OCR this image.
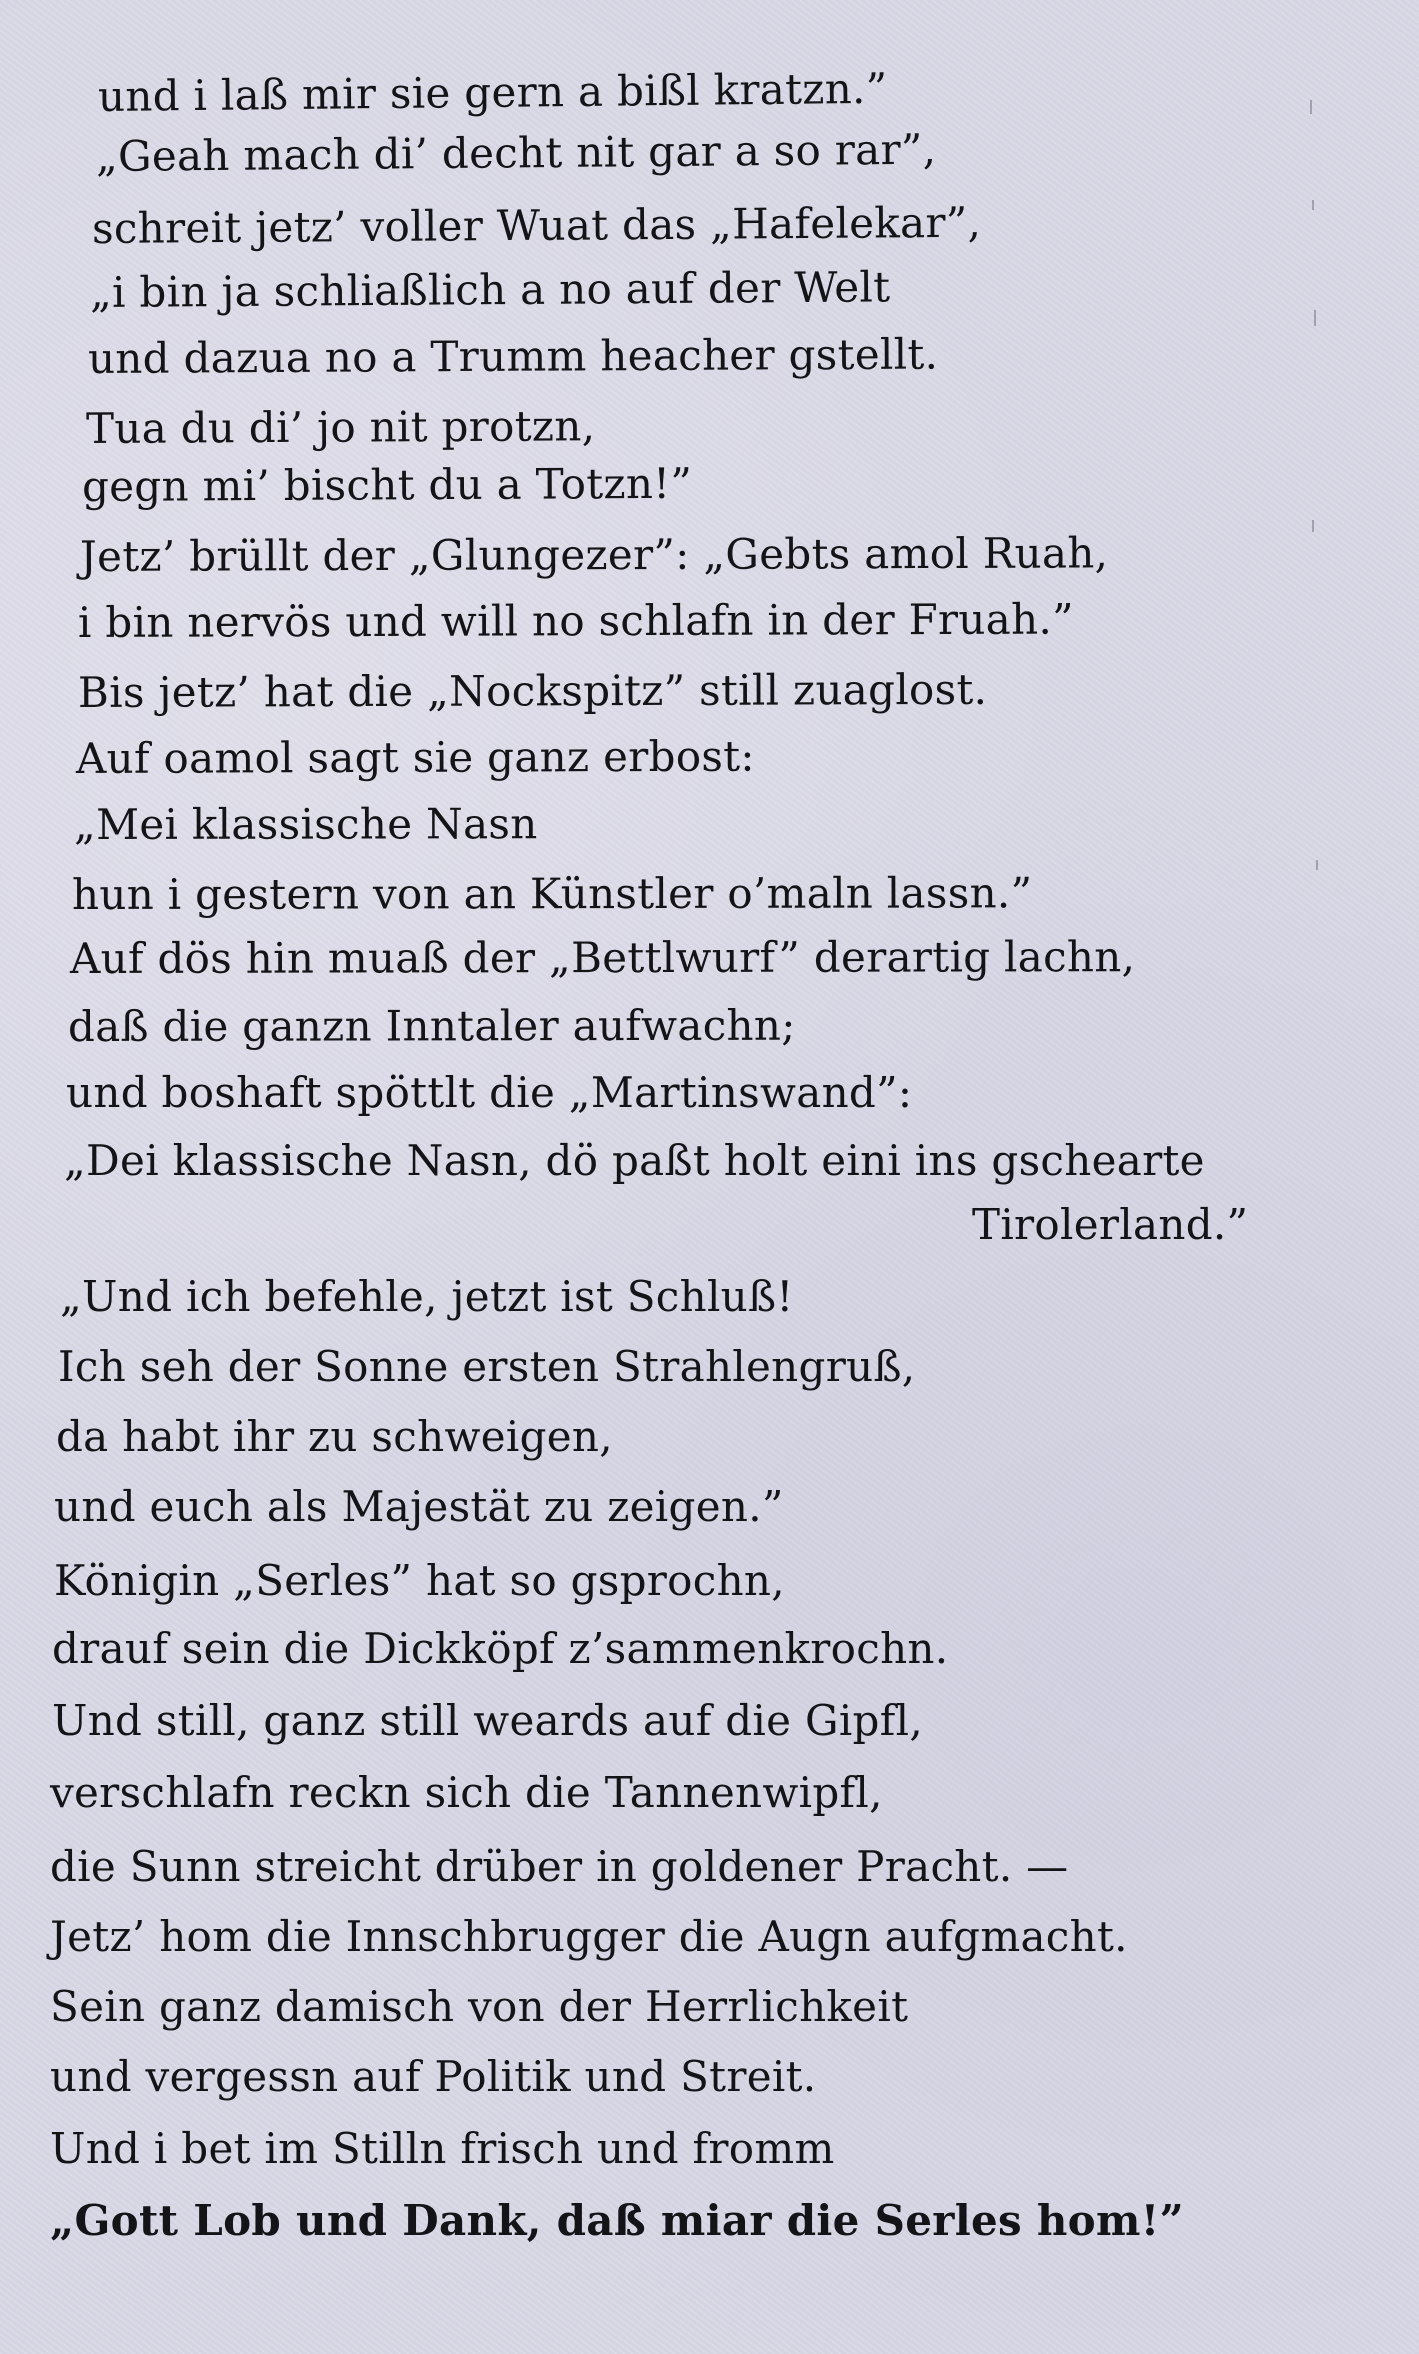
und i laß mir sie gern a bißl kratzn.”
„Geah mach di’ decht nit gar a so rar”,
schreit jetz’ voller Wuat das „Hafelekar”,
„i bin ja schliaßlich a no auf der Welt
und dazua no a Trumm heacher gstellt.
Tua du di’ jo nit protzn,
gegn mi’ bischt du a Totzn!”
Jetz’ brüllt der „Glungezer”: „Gebts amol Ruah,
i bin nervös und will no schlafn in der Fruah.”
Bis jetz’ hat die „Nockspitz” still zuaglost.
Auf oamol sagt sie ganz erbost:
„Mei klassische Nasn
hun i gestern von an Künstler o’maln lassn.”
Auf dös hin muaß der „Bettlwurf” derartig lachn,
daß die ganzn Inntaler aufwachn;
und boshaft spöttlt die „Martinswand”:
„Dei klassische Nasn, dö paßt holt eini ins gschearte
Tirolerland.”
„Und ich befehle, jetzt ist Schluß!
Ich seh der Sonne ersten Strahlengruß,
da habt ihr zu schweigen,
und euch als Majestät zu zeigen.”
Königin „Serles” hat so gsprochn,
drauf sein die Dickköpf z’sammenkrochn.
Und still, ganz still weards auf die Gipfl,
verschlafn reckn sich die Tannenwipfl,
die Sunn streicht drüber in goldener Pracht. —
Jetz’ hom die Innschbrugger die Augn aufgmacht.
Sein ganz damisch von der Herrlichkeit
und vergessn auf Politik und Streit.
Und i bet im Stilln frisch und fromm
„Gott Lob und Dank, daß miar die Serles hom!”
